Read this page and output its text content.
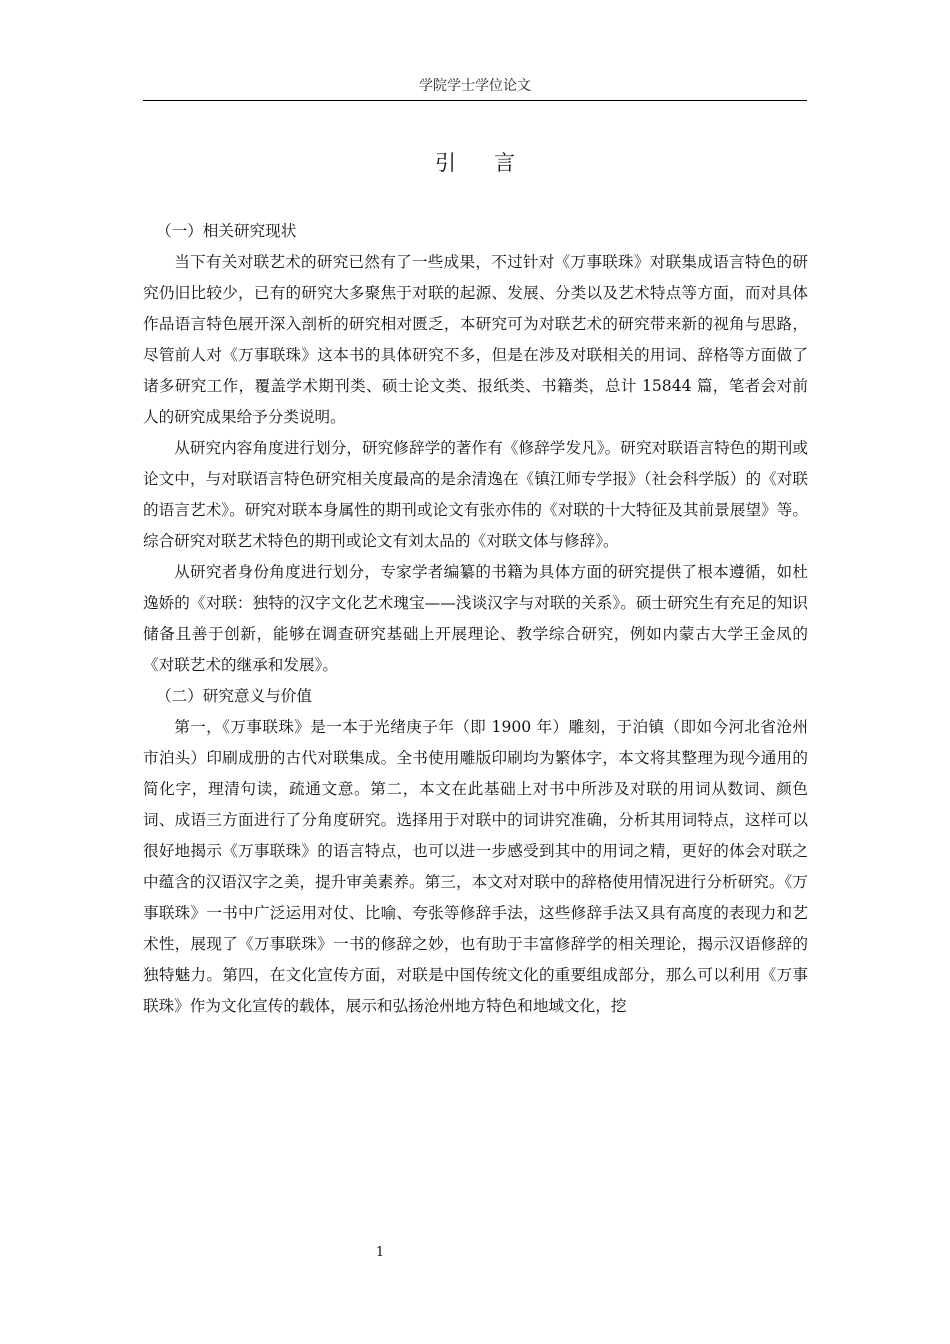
学院学士学位论文
引言

（一）相关研究现状

当下有关对联艺术的研究已然有了一些成果，不过针对《万事联珠》对联集成语言特色的研究仍旧比较少，已有的研究大多聚焦于对联的起源、发展、分类以及艺术特点等方面，而对具体作品语言特色展开深入剖析的研究相对匮乏，本研究可为对联艺术的研究带来新的视角与思路，尽管前人对《万事联珠》这本书的具体研究不多，但是在涉及对联相关的用词、辞格等方面做了诸多研究工作，覆盖学术期刊类、硕士论文类、报纸类、书籍类，总计 15844 篇，笔者会对前人的研究成果给予分类说明。

从研究内容角度进行划分，研究修辞学的著作有《修辞学发凡》。研究对联语言特色的期刊或论文中，与对联语言特色研究相关度最高的是余清逸在《镇江师专学报》（社会科学版）的《对联的语言艺术》。研究对联本身属性的期刊或论文有张亦伟的《对联的十大特征及其前景展望》等。综合研究对联艺术特色的期刊或论文有刘太品的《对联文体与修辞》。

从研究者身份角度进行划分，专家学者编纂的书籍为具体方面的研究提供了根本遵循，如杜逸娇的《对联：独特的汉字文化艺术瑰宝——浅谈汉字与对联的关系》。硕士研究生有充足的知识储备且善于创新，能够在调查研究基础上开展理论、教学综合研究，例如内蒙古大学王金凤的《对联艺术的继承和发展》。

（二）研究意义与价值

第一，《万事联珠》是一本于光绪庚子年（即 1900 年）雕刻，于泊镇（即如今河北省沧州市泊头）印刷成册的古代对联集成。全书使用雕版印刷均为繁体字，本文将其整理为现今通用的简化字，理清句读，疏通文意。第二，本文在此基础上对书中所涉及对联的用词从数词、颜色词、成语三方面进行了分角度研究。选择用于对联中的词讲究准确，分析其用词特点，这样可以很好地揭示《万事联珠》的语言特点，也可以进一步感受到其中的用词之精，更好的体会对联之中蕴含的汉语汉字之美，提升审美素养。第三，本文对对联中的辞格使用情况进行分析研究。《万事联珠》一书中广泛运用对仗、比喻、夸张等修辞手法，这些修辞手法又具有高度的表现力和艺术性，展现了《万事联珠》一书的修辞之妙，也有助于丰富修辞学的相关理论，揭示汉语修辞的独特魅力。第四，在文化宣传方面，对联是中国传统文化的重要组成部分，那么可以利用《万事联珠》作为文化宣传的载体，展示和弘扬沧州地方特色和地域文化，挖

1
